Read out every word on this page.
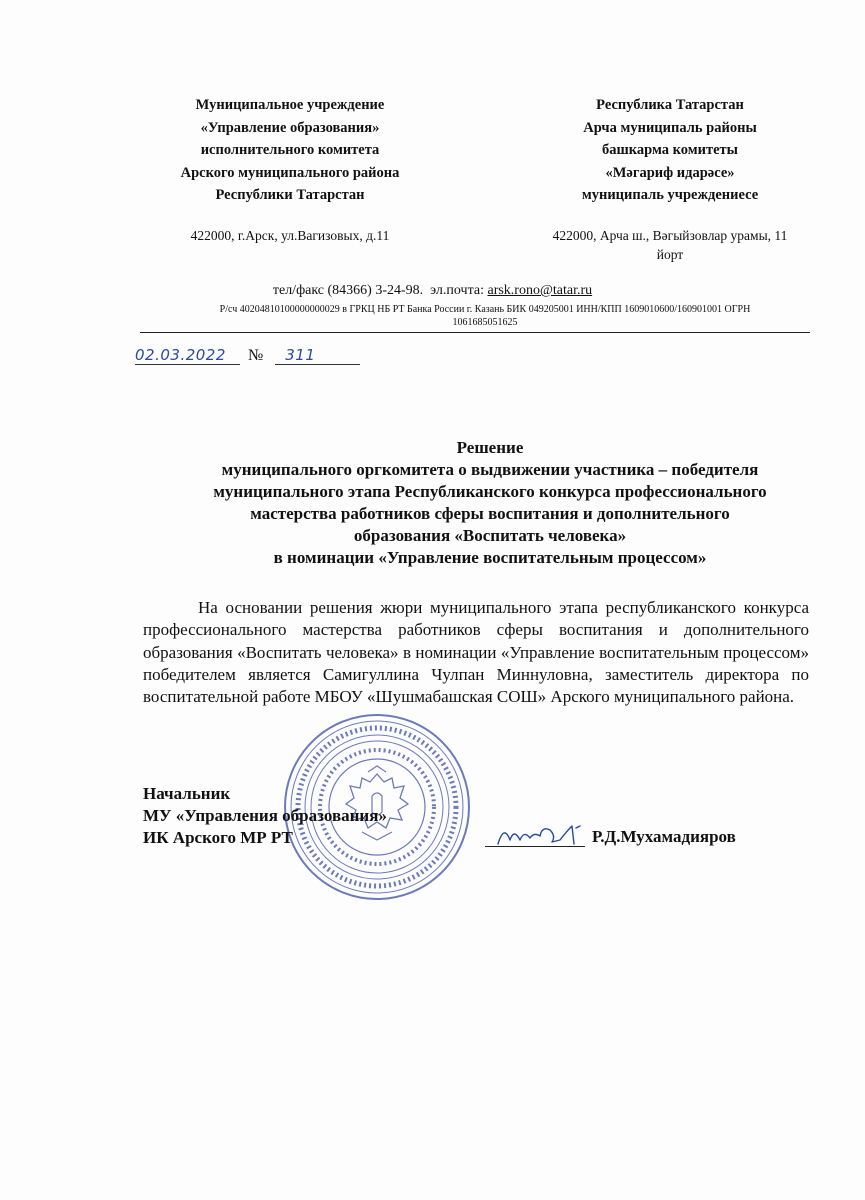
Муниципальное учреждение
«Управление образования»
исполнительного комитета
Арского муниципального района
Республики Татарстан
422000, г.Арск, ул.Вагизовых, д.11
Республика Татарстан
Арча муниципаль районы
башкарма комитеты
«Мәгариф идарәсе»
муниципаль учреждениесе
422000, Арча ш., Вәгыйзовлар урамы, 11
йорт
тел/факс (84366) 3-24-98. эл.почта: arsk.rono@tatar.ru
Р/сч 40204810100000000029 в ГРКЦ НБ РТ Банка России г. Казань БИК 049205001 ИНН/КПП 1609010600/160901001 ОГРН
1061685051625
02.03.2022 № 311
Решение
муниципального оргкомитета о выдвижении участника – победителя
муниципального этапа Республиканского конкурса профессионального
мастерства работников сферы воспитания и дополнительного
образования «Воспитать человека»
в номинации «Управление воспитательным процессом»
На основании решения жюри муниципального этапа республиканского конкурса профессионального мастерства работников сферы воспитания и дополнительного образования «Воспитать человека» в номинации «Управление воспитательным процессом» победителем является Самигуллина Чулпан Миннуловна, заместитель директора по воспитательной работе МБОУ «Шушмабашская СОШ» Арского муниципального района.
Начальник
МУ «Управления образования»
ИК Арского МР РТ	Р.Д.Мухамадияров
